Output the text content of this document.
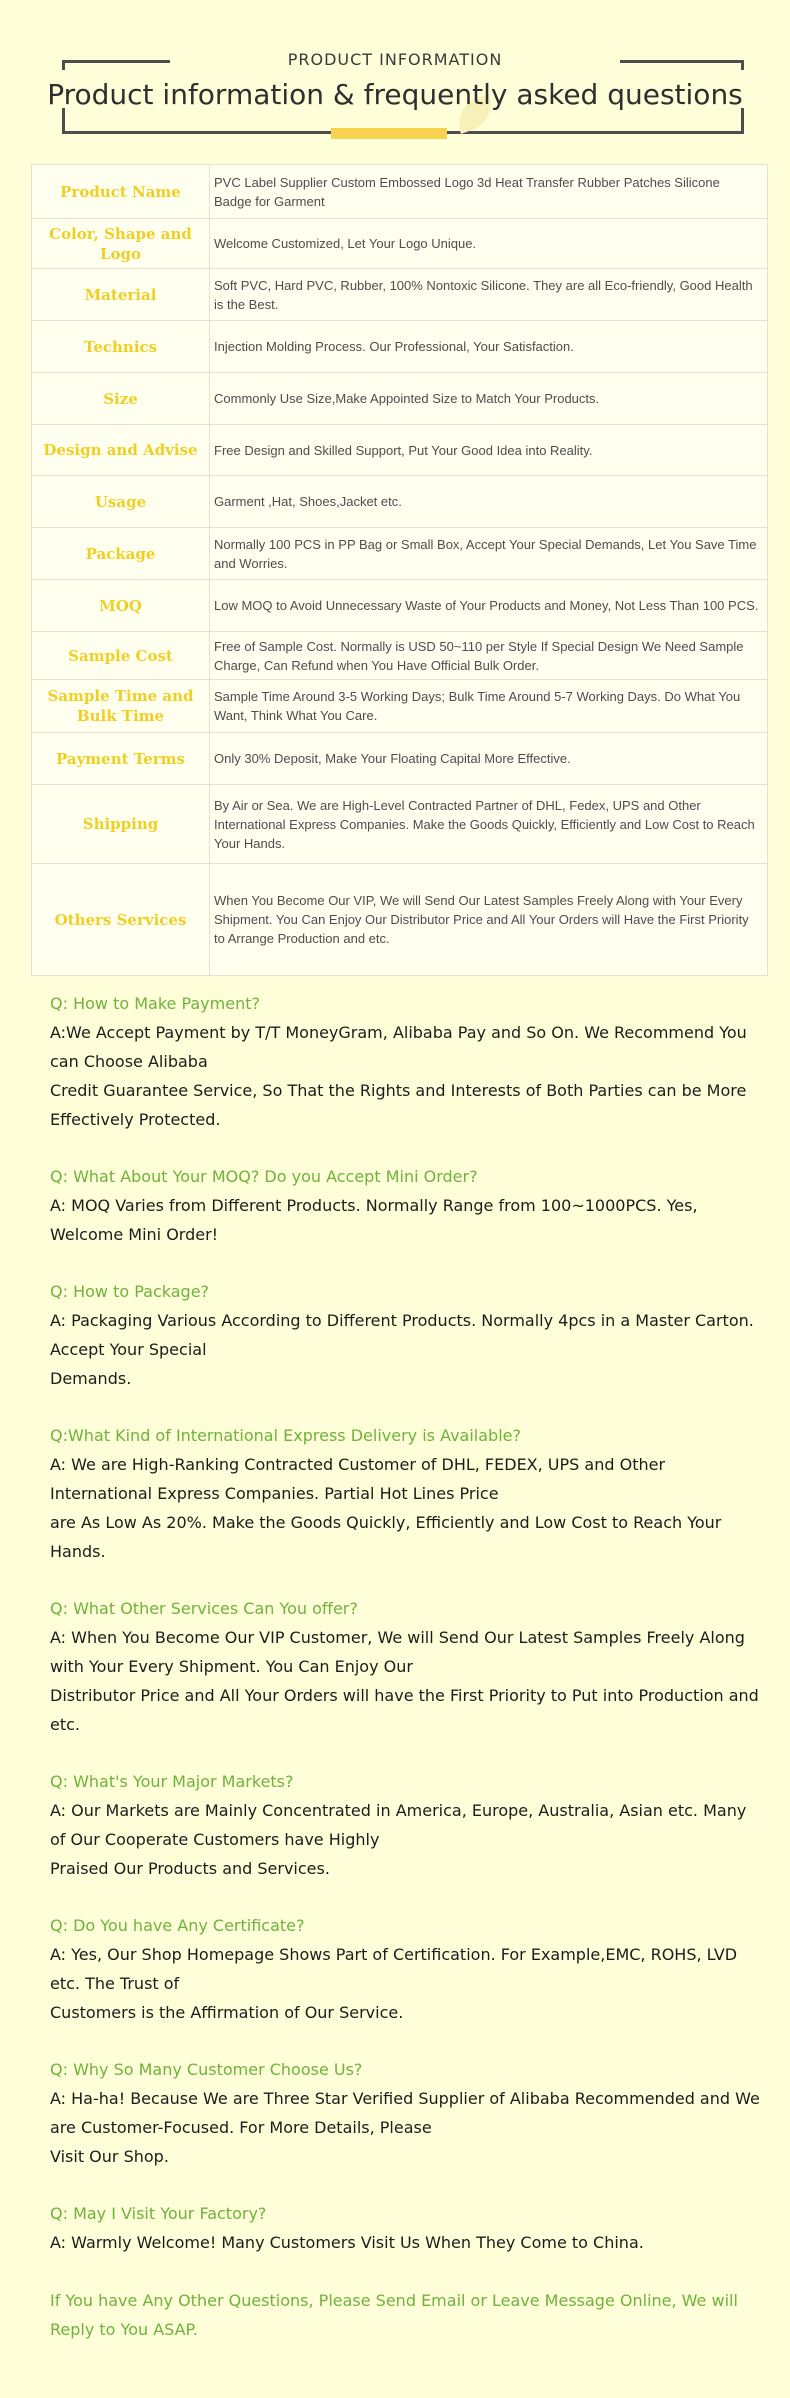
PRODUCT INFORMATION
Product information & frequently asked questions
Product Name	PVC Label Supplier Custom Embossed Logo 3d Heat Transfer Rubber Patches Silicone Badge for Garment
Color, Shape and Logo	Welcome Customized, Let Your Logo Unique.
Material	Soft PVC, Hard PVC, Rubber, 100% Nontoxic Silicone. They are all Eco-friendly, Good Health is the Best.
Technics	Injection Molding Process. Our Professional, Your Satisfaction.
Size	Commonly Use Size,Make Appointed Size to Match Your Products.
Design and Advise	Free Design and Skilled Support, Put Your Good Idea into Reality.
Usage	Garment ,Hat, Shoes,Jacket etc.
Package	Normally 100 PCS in PP Bag or Small Box, Accept Your Special Demands, Let You Save Time and Worries.
MOQ	Low MOQ to Avoid Unnecessary Waste of Your Products and Money, Not Less Than 100 PCS.
Sample Cost	Free of Sample Cost. Normally is USD 50~110 per Style If Special Design We Need Sample Charge, Can Refund when You Have Official Bulk Order.
Sample Time and Bulk Time	Sample Time Around 3-5 Working Days; Bulk Time Around 5-7 Working Days. Do What You Want, Think What You Care.
Payment Terms	Only 30% Deposit, Make Your Floating Capital More Effective.
Shipping	By Air or Sea. We are High-Level Contracted Partner of DHL, Fedex, UPS and Other International Express Companies. Make the Goods Quickly, Efficiently and Low Cost to Reach Your Hands.
Others Services	When You Become Our VIP, We will Send Our Latest Samples Freely Along with Your Every Shipment. You Can Enjoy Our Distributor Price and All Your Orders will Have the First Priority to Arrange Production and etc.
Q: How to Make Payment?
A:We Accept Payment by T/T MoneyGram, Alibaba Pay and So On. We Recommend You can Choose Alibaba
Credit Guarantee Service, So That the Rights and Interests of Both Parties can be More Effectively Protected.
Q: What About Your MOQ? Do you Accept Mini Order?
A: MOQ Varies from Different Products. Normally Range from 100~1000PCS. Yes, Welcome Mini Order!
Q: How to Package?
A: Packaging Various According to Different Products. Normally 4pcs in a Master Carton. Accept Your Special
Demands.
Q:What Kind of International Express Delivery is Available?
A: We are High-Ranking Contracted Customer of DHL, FEDEX, UPS and Other International Express Companies. Partial Hot Lines Price
are As Low As 20%. Make the Goods Quickly, Efficiently and Low Cost to Reach Your Hands.
Q: What Other Services Can You offer?
A: When You Become Our VIP Customer, We will Send Our Latest Samples Freely Along with Your Every Shipment. You Can Enjoy Our
Distributor Price and All Your Orders will have the First Priority to Put into Production and etc.
Q: What's Your Major Markets?
A: Our Markets are Mainly Concentrated in America, Europe, Australia, Asian etc. Many of Our Cooperate Customers have Highly
Praised Our Products and Services.
Q: Do You have Any Certificate?
A: Yes, Our Shop Homepage Shows Part of Certification. For Example,EMC, ROHS, LVD etc. The Trust of
Customers is the Affirmation of Our Service.
Q: Why So Many Customer Choose Us?
A: Ha-ha! Because We are Three Star Verified Supplier of Alibaba Recommended and We are Customer-Focused. For More Details, Please
Visit Our Shop.
Q: May I Visit Your Factory?
A: Warmly Welcome! Many Customers Visit Us When They Come to China.
If You have Any Other Questions, Please Send Email or Leave Message Online, We will Reply to You ASAP.
